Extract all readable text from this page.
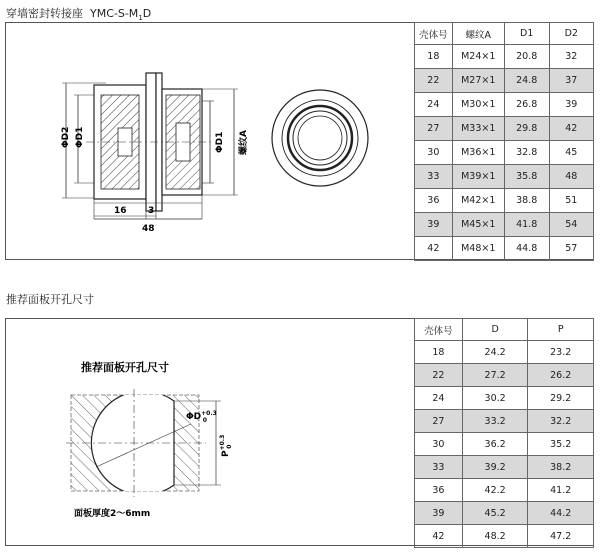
穿墙密封转接座 YMC-$S-M_1D$
ΦD2 ΦD1	ΦD1 螺纹A
16 3
48
壳体号	螺纹A	D1	D2
18	M24×1	20.8	32
22	M27×1	24.8	37
24	M30×1	26.8	39
27	M33×1	29.8	42
30	M36×1	32.8	45
33	M39×1	35.8	48
36	M42×1	38.8	51
39	M45×1	41.8	54
42	M48×1	44.8	57
推荐面板开孔尺寸
推荐面板开孔尺寸
$\Phi D^{+0.3}$ 0
$P^{+0.3}0$
面板厚度2～6mm
壳体号	D	P
18	24.2	23.2
22	27.2	26.2
24	30.2	29.2
27	33.2	32.2
30	36.2	35.2
33	39.2	38.2
36	42.2	41.2
39	45.2	44.2
42	48.2	47.2
